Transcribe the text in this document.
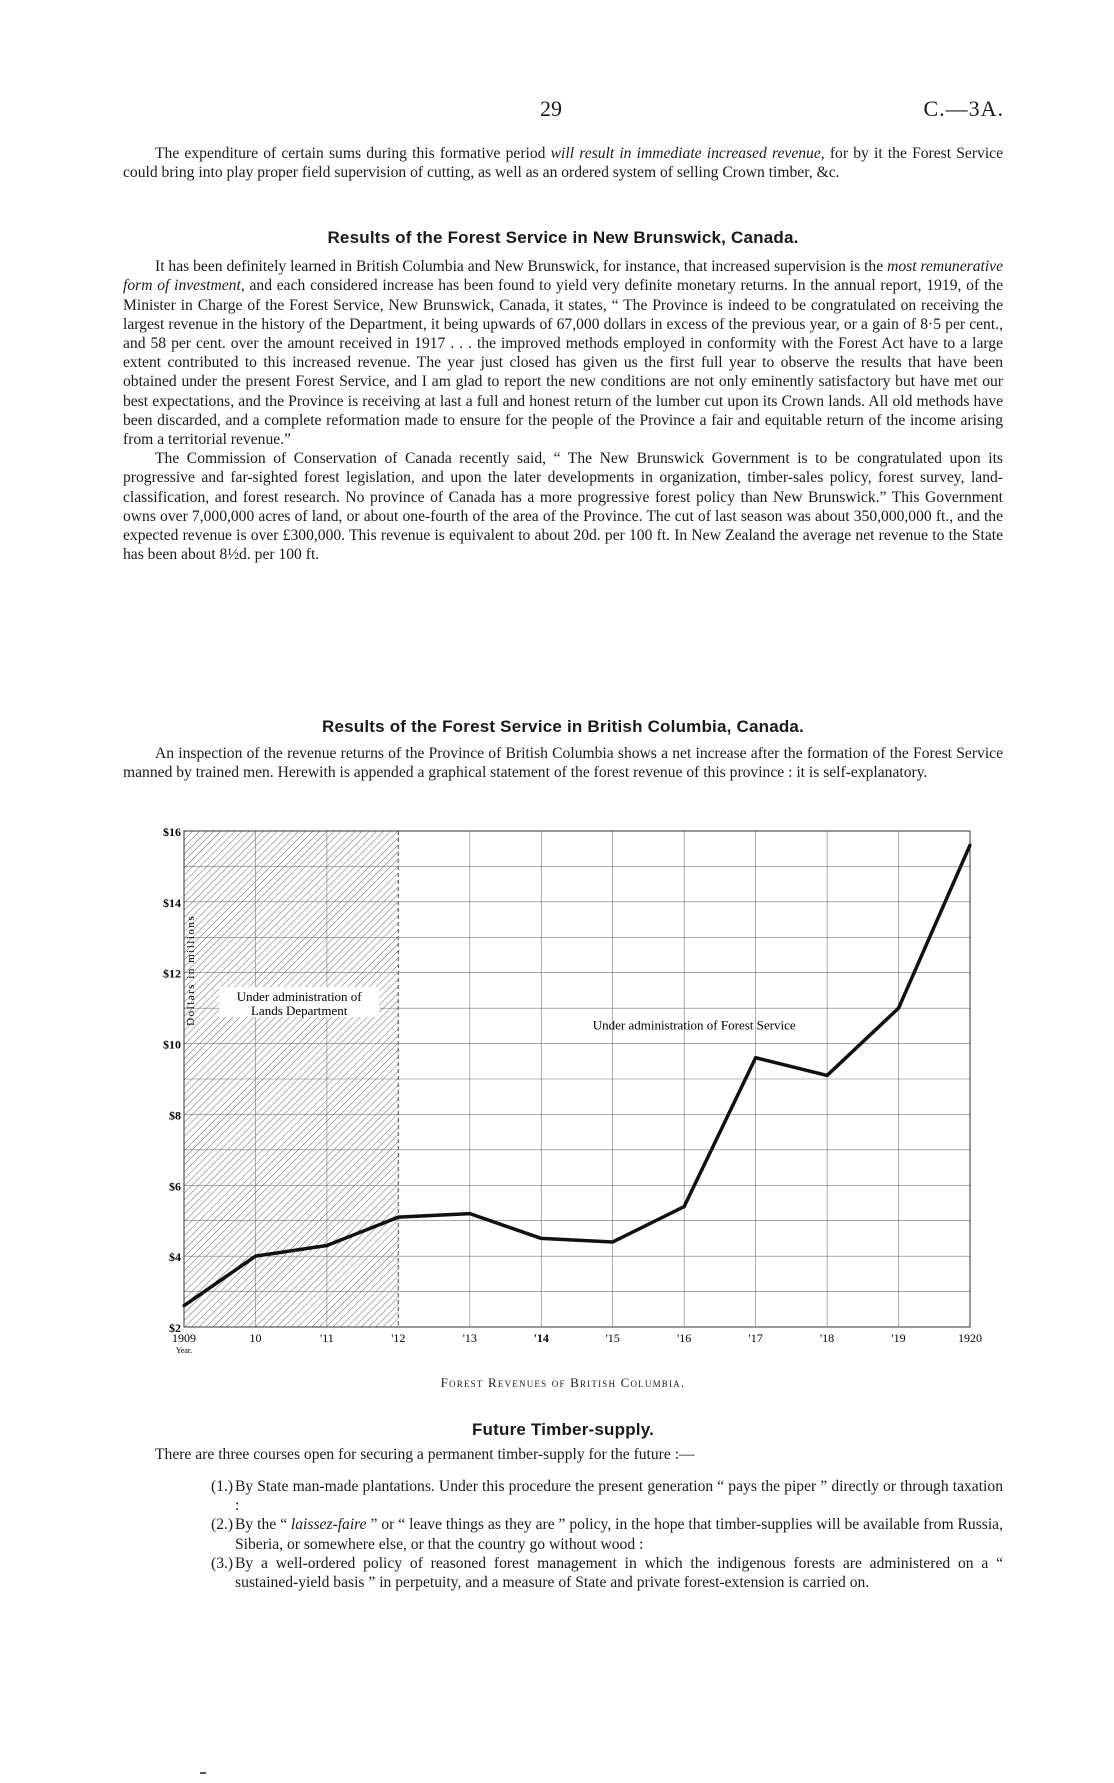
29	C.—3A.

The expenditure of certain sums during this formative period will result in immediate increased revenue, for by it the Forest Service could bring into play proper field supervision of cutting, as well as an ordered system of selling Crown timber, &c.

Results of the Forest Service in New Brunswick, Canada.

It has been definitely learned in British Columbia and New Brunswick, for instance, that increased supervision is the most remunerative form of investment, and each considered increase has been found to yield very definite monetary returns. In the annual report, 1919, of the Minister in Charge of the Forest Service, New Brunswick, Canada, it states, “ The Province is indeed to be congratulated on receiving the largest revenue in the history of the Department, it being upwards of 67,000 dollars in excess of the previous year, or a gain of 8·5 per cent., and 58 per cent. over the amount received in 1917 . . . the improved methods employed in conformity with the Forest Act have to a large extent contributed to this increased revenue. The year just closed has given us the first full year to observe the results that have been obtained under the present Forest Service, and I am glad to report the new conditions are not only eminently satisfactory but have met our best expectations, and the Province is receiving at last a full and honest return of the lumber cut upon its Crown lands. All old methods have been discarded, and a complete reformation made to ensure for the people of the Province a fair and equitable return of the income arising from a territorial revenue.”

The Commission of Conservation of Canada recently said, “ The New Brunswick Government is to be congratulated upon its progressive and far-sighted forest legislation, and upon the later developments in organization, timber-sales policy, forest survey, land-classification, and forest research. No province of Canada has a more progressive forest policy than New Brunswick.” This Government owns over 7,000,000 acres of land, or about one-fourth of the area of the Province. The cut of last season was about 350,000,000 ft., and the expected revenue is over £300,000. This revenue is equivalent to about 20d. per 100 ft. In New Zealand the average net revenue to the State has been about 8½d. per 100 ft.

Results of the Forest Service in British Columbia, Canada.

An inspection of the revenue returns of the Province of British Columbia shows a net increase after the formation of the Forest Service manned by trained men. Herewith is appended a graphical statement of the forest revenue of this province : it is self-explanatory.

$2
$4
$6
$8
$10
$12
$14
$16
Dollars in millions
1909	10	'11	'12	'13	'14	'15	'16	'17	'18	'19	1920
Year.
Under administration of Lands Department
Under administration of Forest Service
Forest Revenues of British Columbia.
Future Timber-supply.

There are three courses open for securing a permanent timber-supply for the future :—

(1.) By State man-made plantations. Under this procedure the present generation “ pays the piper ” directly or through taxation :
(2.) By the “ laissez-faire ” or “ leave things as they are ” policy, in the hope that timber-supplies will be available from Russia, Siberia, or somewhere else, or that the country go without wood :
(3.) By a well-ordered policy of reasoned forest management in which the indigenous forests are administered on a “ sustained-yield basis ” in perpetuity, and a measure of State and private forest-extension is carried on.
